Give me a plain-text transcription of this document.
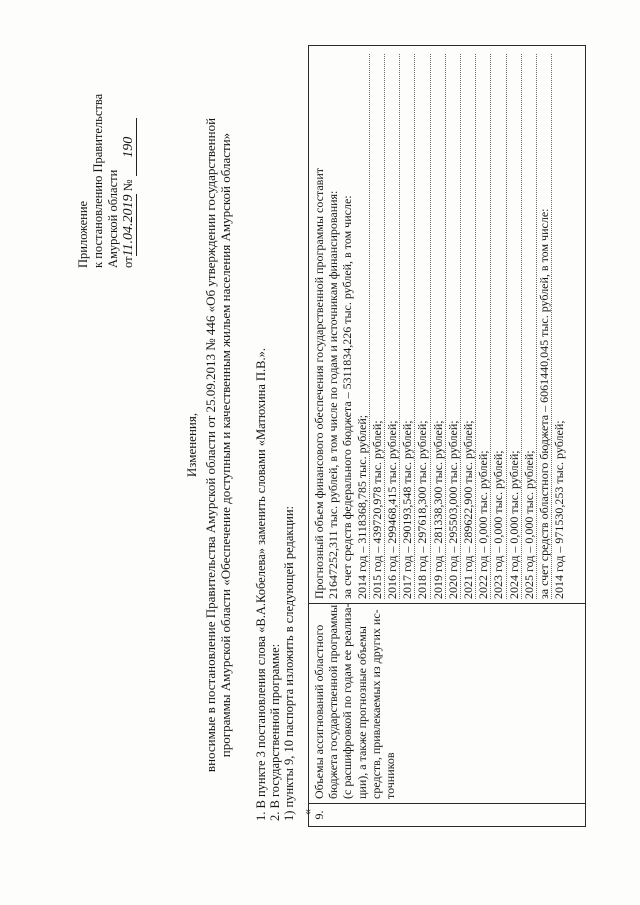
Приложение к постановлению Правительства Амурской области от11.04.2019 № 190
Изменения, вносимые в постановление Правительства Амурской области от 25.09.2013 № 446 «Об утверждении государственной программы Амурской области «Обеспечение доступным и качественным жильем населения Амурской области» 1. В пункте 3 постановления слова «В.А.Кобелева» заменить словами «Матюхина П.В.». 2. В государственной программе: 1) пункты 9, 10 паспорта изложить в следующей редакции: «
9.
Объемы ассигнований областного бюджета государственной программы (с расшифровкой по годам ее реализа- ции), а также прогнозные объемы средств, привлекаемых из других ис- точников
Прогнозный объем финансового обеспечения государственной программы составит 21647252,311 тыс. рублей, в том числе по годам и источникам финансирования: за счет средств федерального бюджета – 5311834,226 тыс. рублей, в том числе: 2014 год – 3118368,785 тыс. рублей; 2015 год – 439720,978 тыс. рублей; 2016 год – 299468,415 тыс. рублей; 2017 год – 290193,548 тыс. рублей; 2018 год – 297618,300 тыс. рублей; 2019 год – 281338,300 тыс. рублей; 2020 год – 295503,000 тыс. рублей; 2021 год – 289622,900 тыс. рублей; 2022 год – 0,000 тыс. рублей; 2023 год – 0,000 тыс. рублей; 2024 год – 0,000 тыс. рублей; 2025 год – 0,000 тыс. рублей; за счет средств областного бюджета – 6061440,045 тыс. рублей, в том числе: 2014 год – 971530,253 тыс. рублей;
